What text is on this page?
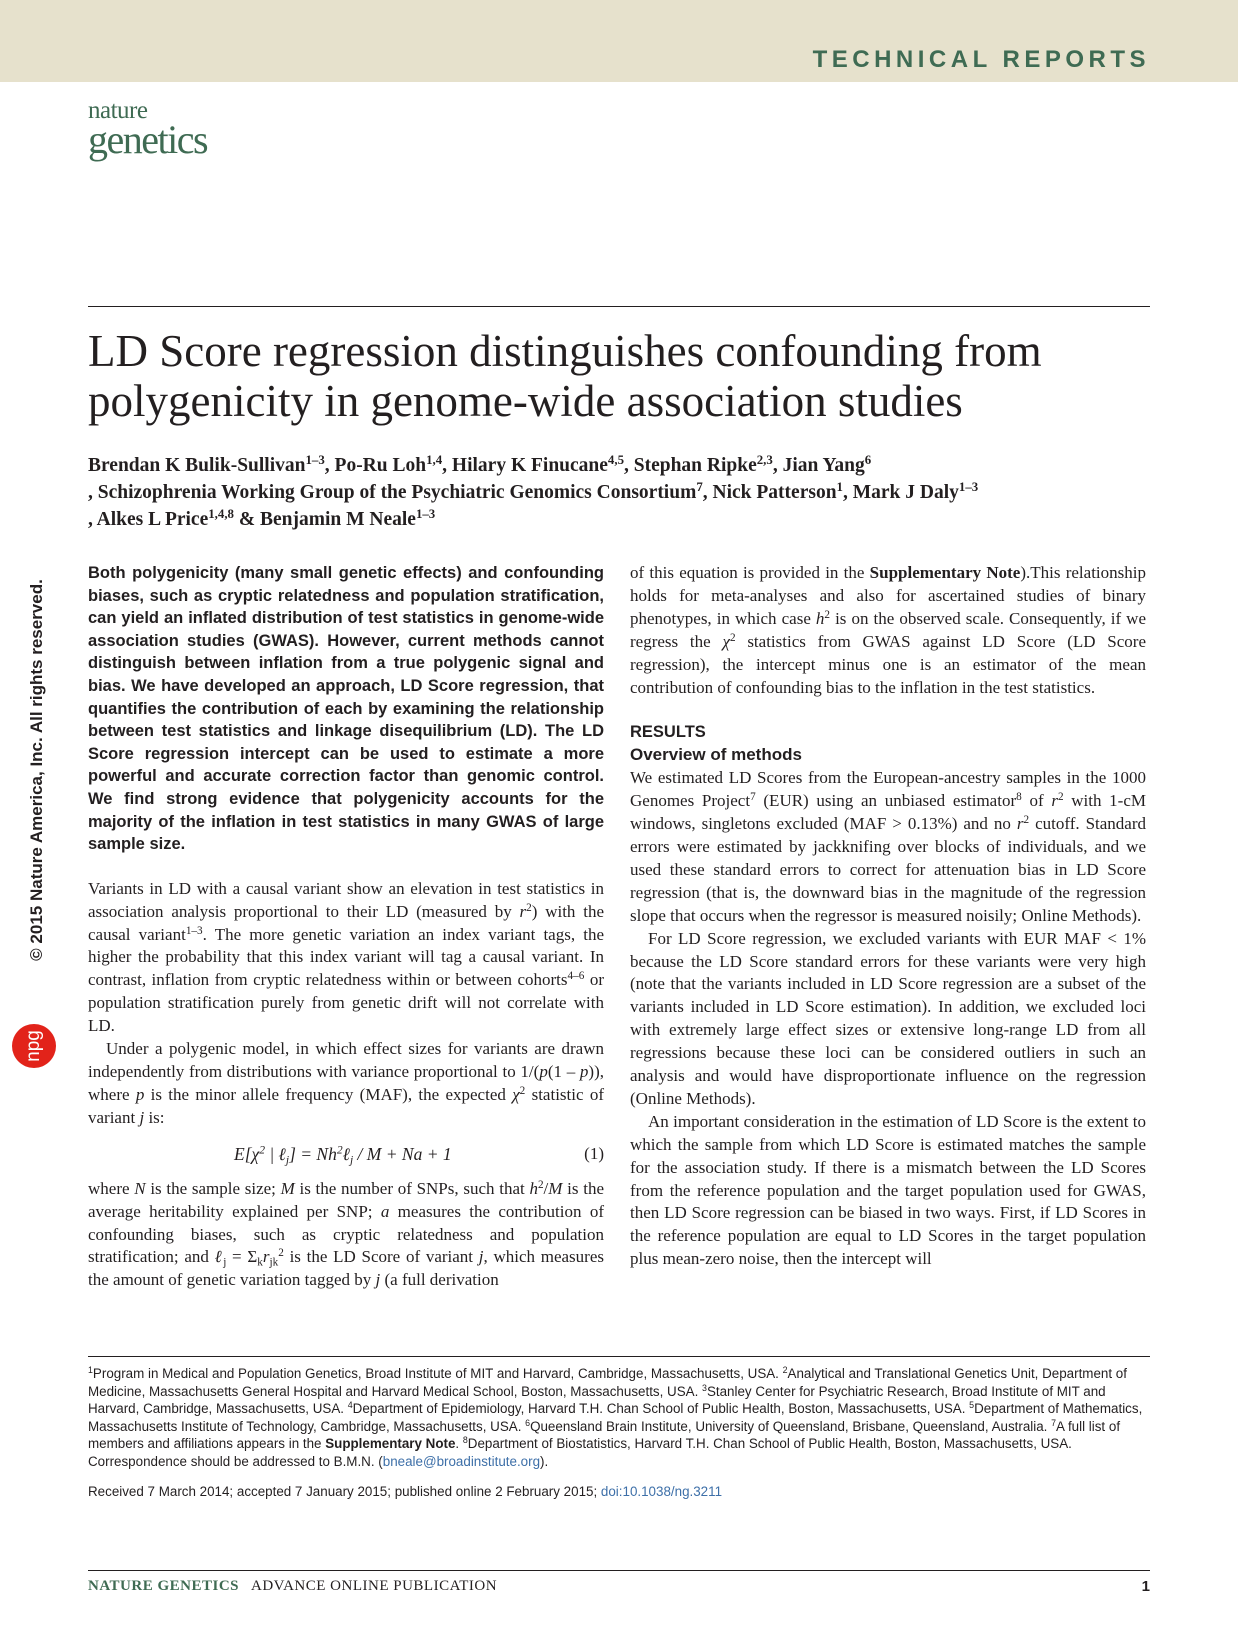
TECHNICAL REPORTS
nature
genetics
LD Score regression distinguishes confounding from
polygenicity in genome-wide association studies

Brendan K Bulik-Sullivan$^{1-3}$, Po-Ru Loh$^{1,4}$, Hilary K Finucane$^{4,5}$, Stephan Ripke$^{2,3}$, Jian Yang$^6$
, Schizophrenia Working Group of the Psychiatric Genomics Consortium$^7$, Nick Patterson$^1$, Mark J Daly$^{1-3}$
, Alkes L Price$^{1,4,8}$ & Benjamin M Neale$^{1-3}$

© 2015 Nature America, Inc. All rights reserved.
npg

Both polygenicity (many small genetic effects) and confounding biases, such as cryptic relatedness and population stratification, can yield an inflated distribution of test statistics in genome-wide association studies (GWAS). However, current methods cannot distinguish between inflation from a true polygenic signal and bias. We have developed an approach, LD Score regression, that quantifies the contribution of each by examining the relationship between test statistics and linkage disequilibrium (LD). The LD Score regression intercept can be used to estimate a more powerful and accurate correction factor than genomic control. We find strong evidence that polygenicity accounts for the majority of the inflation in test statistics in many GWAS of large sample size.

Variants in LD with a causal variant show an elevation in test statistics in association analysis proportional to their LD (measured by $r^2$) with the causal variant$^{1-3}$. The more genetic variation an index variant tags, the higher the probability that this index variant will tag a causal variant. In contrast, inflation from cryptic relatedness within or between cohorts$^{4-6}$ or population stratification purely from genetic drift will not correlate with LD.

Under a polygenic model, in which effect sizes for variants are drawn independently from distributions with variance proportional to 1/(p(1 – p)), where p is the minor allele frequency (MAF), the expected $\chi^2$ statistic of variant j is:

$E[\chi^2$ | ℓ$_j$] = $Nh^2\ell_j / M + Na + 1$	(1)

where N is the sample size; M is the number of SNPs, such that $h^2/M$ is the average heritability explained per SNP; a measures the contribution of confounding biases, such as cryptic relatedness and population stratification; and ℓ$_j$ = $\Sigma_kr_{jk}^2$ is the LD Score of variant j, which measures the amount of genetic variation tagged by j (a full derivation

of this equation is provided in the Supplementary Note).This relationship holds for meta-analyses and also for ascertained studies of binary phenotypes, in which case $h^2$ is on the observed scale. Consequently, if we regress the $\chi^2$ statistics from GWAS against LD Score (LD Score regression), the intercept minus one is an estimator of the mean contribution of confounding bias to the inflation in the test statistics.

RESULTS

Overview of methods

We estimated LD Scores from the European-ancestry samples in the 1000 Genomes Project$^7$ (EUR) using an unbiased estimator$^8$ of $r^2$ with 1-cM windows, singletons excluded (MAF > 0.13%) and no $r^2$ cutoff. Standard errors were estimated by jackknifing over blocks of individuals, and we used these standard errors to correct for attenuation bias in LD Score regression (that is, the downward bias in the magnitude of the regression slope that occurs when the regressor is measured noisily; Online Methods).

For LD Score regression, we excluded variants with EUR MAF < 1% because the LD Score standard errors for these variants were very high (note that the variants included in LD Score regression are a subset of the variants included in LD Score estimation). In addition, we excluded loci with extremely large effect sizes or extensive long-range LD from all regressions because these loci can be considered outliers in such an analysis and would have disproportionate influence on the regression (Online Methods).

An important consideration in the estimation of LD Score is the extent to which the sample from which LD Score is estimated matches the sample for the association study. If there is a mismatch between the LD Scores from the reference population and the target population used for GWAS, then LD Score regression can be biased in two ways. First, if LD Scores in the reference population are equal to LD Scores in the target population plus mean-zero noise, then the intercept will

$^1$Program in Medical and Population Genetics, Broad Institute of MIT and Harvard, Cambridge, Massachusetts, USA. $^2$Analytical and Translational Genetics Unit, Department of Medicine, Massachusetts General Hospital and Harvard Medical School, Boston, Massachusetts, USA. $^3$Stanley Center for Psychiatric Research, Broad Institute of MIT and Harvard, Cambridge, Massachusetts, USA. $^4$Department of Epidemiology, Harvard T.H. Chan School of Public Health, Boston, Massachusetts, USA. $^5$Department of Mathematics, Massachusetts Institute of Technology, Cambridge, Massachusetts, USA. $^6$Queensland Brain Institute, University of Queensland, Brisbane, Queensland, Australia. $^7$A full list of members and affiliations appears in the Supplementary Note. $^8$Department of Biostatistics, Harvard T.H. Chan School of Public Health, Boston, Massachusetts, USA. Correspondence should be addressed to B.M.N. (bneale@broadinstitute.org).

Received 7 March 2014; accepted 7 January 2015; published online 2 February 2015; doi:10.1038/ng.3211

NATURE GENETICS ADVANCE ONLINE PUBLICATION	1
